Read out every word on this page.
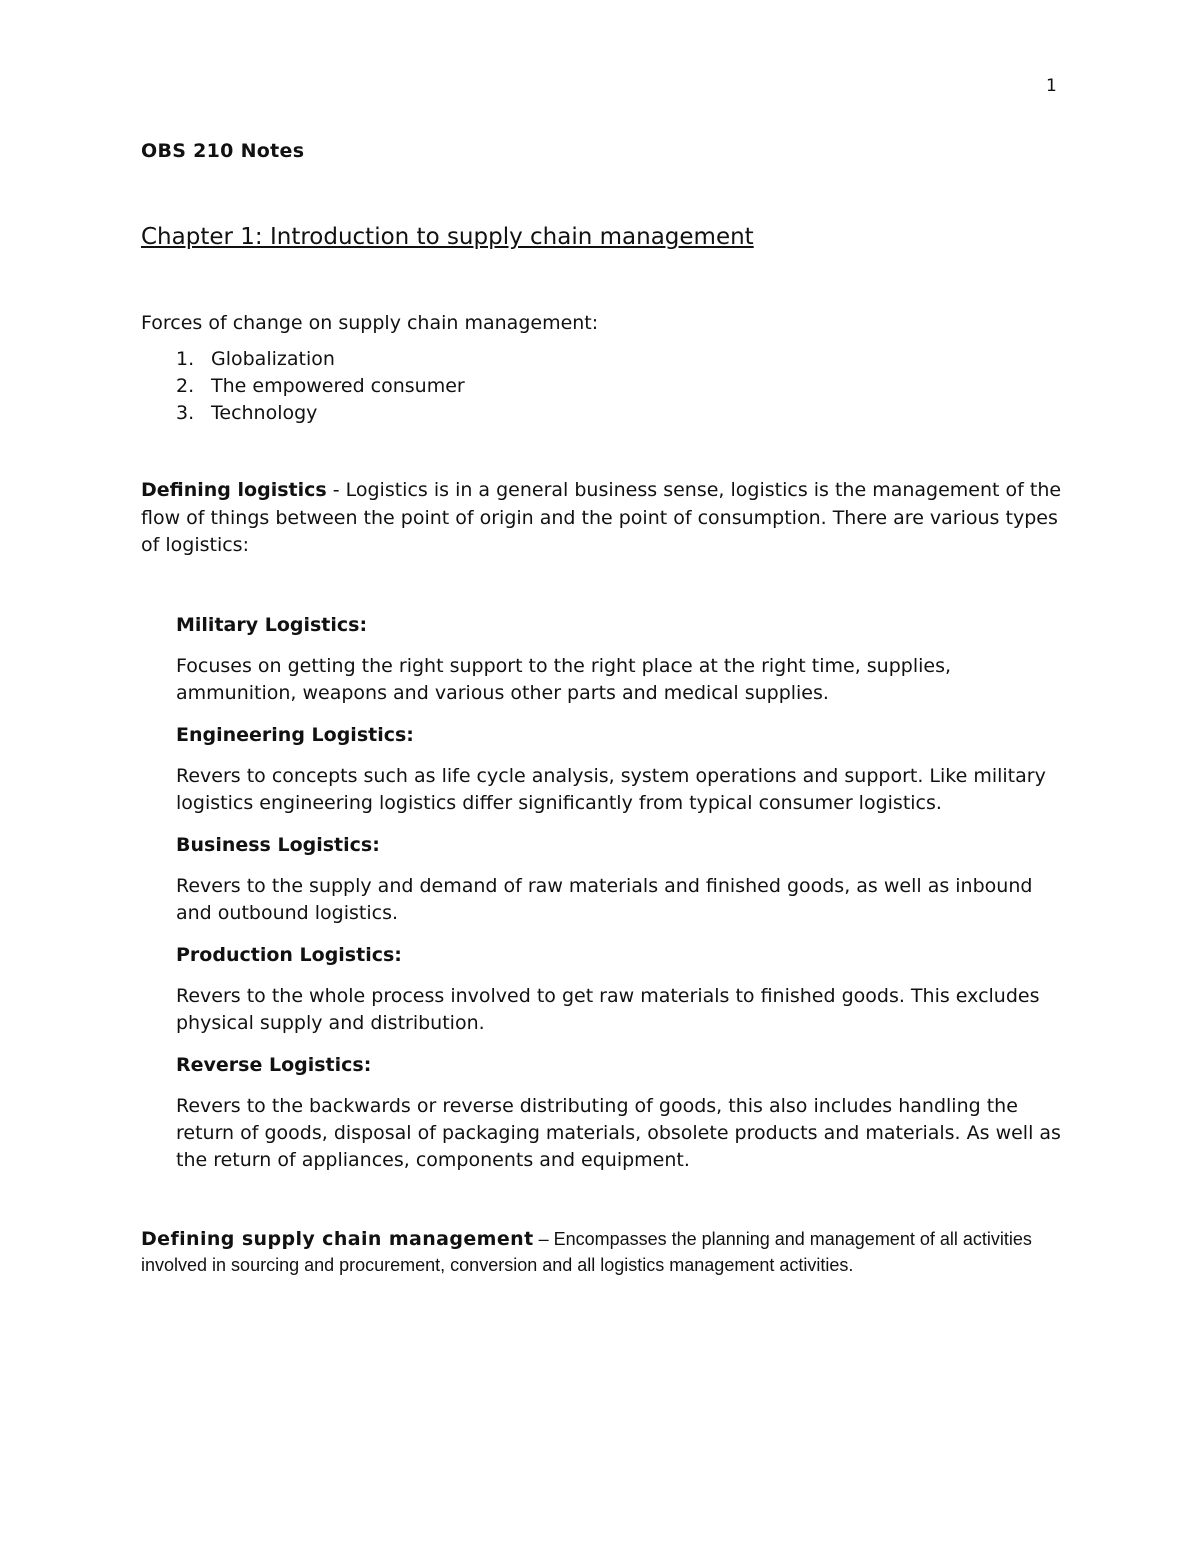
1

OBS 210 Notes

Chapter 1: Introduction to supply chain management

Forces of change on supply chain management:

1. Globalization
2. The empowered consumer
3. Technology

Defining logistics - Logistics is in a general business sense, logistics is the management of the flow of things between the point of origin and the point of consumption. There are various types of logistics:

Military Logistics:

Focuses on getting the right support to the right place at the right time, supplies, ammunition, weapons and various other parts and medical supplies.

Engineering Logistics:

Revers to concepts such as life cycle analysis, system operations and support. Like military logistics engineering logistics differ significantly from typical consumer logistics.

Business Logistics:

Revers to the supply and demand of raw materials and finished goods, as well as inbound and outbound logistics.

Production Logistics:

Revers to the whole process involved to get raw materials to finished goods. This excludes physical supply and distribution.

Reverse Logistics:

Revers to the backwards or reverse distributing of goods, this also includes handling the return of goods, disposal of packaging materials, obsolete products and materials. As well as the return of appliances, components and equipment.

Defining supply chain management – Encompasses the planning and management of all activities involved in sourcing and procurement, conversion and all logistics management activities.
